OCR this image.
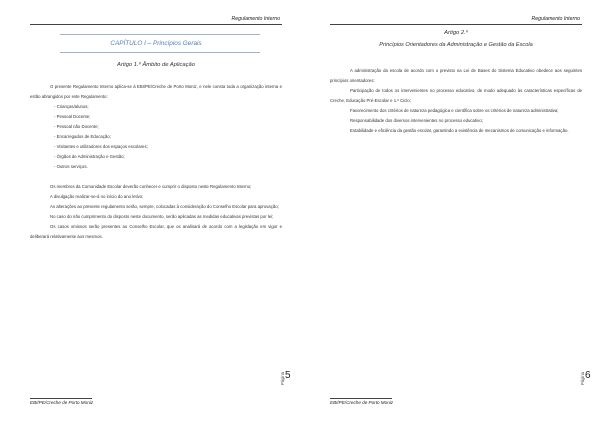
Regulamento Interno
CAPÍTULO I – Princípios Gerais
Artigo 1.º Âmbito de Aplicação

O presente Regulamento Interno aplica-se à EBI/PE/Creche de Porto Moniz, e nele consta toda a organização interna e estão abrangidos por este Regulamento:

- Crianças/alunos;

- Pessoal Docente;

- Pessoal não Docente;

- Encarregados de Educação;

- Visitantes e utilizadores dos espaços escolares;

- Órgãos de Administração e Gestão;

- Outros serviços.

Os membros da Comunidade Escolar deverão conhecer e cumprir o disposto neste Regulamento Interno;

A divulgação realizar-se-á no início do ano letivo;

As alterações ao presente regulamento serão, sempre, colocadas à consideração do Conselho Escolar para aprovação;

No caso do não cumprimento do disposto neste documento, serão aplicadas as medidas educativas previstas por lei;

Os casos omissos serão presentes ao Conselho Escolar, que os analisará de acordo com a legislação em vigor e deliberará relativamente aos mesmos.

Página 5
EBI/PE/Creche de Porto Moniz
Regulamento Interno
Artigo 2.º
Princípios Orientadores da Administração e Gestão da Escola

A administração da escola de acordo com o previsto na Lei de Bases do Sistema Educativo obedece aos seguintes princípios orientadores:

Participação de todos os intervenientes no processo educativo, de modo adequado às características específicas de Creche, Educação Pré-Escolar e 1.º Ciclo;

Favorecimento dos critérios de natureza pedagógica e científica sobre os critérios de natureza administrativa;

Responsabilidade dos diversos intervenientes no processo educativo;

Estabilidade e eficiência da gestão escolar, garantindo a existência de mecanismos de comunicação e informação.

Página 6
EBI/PE/Creche de Porto Moniz
